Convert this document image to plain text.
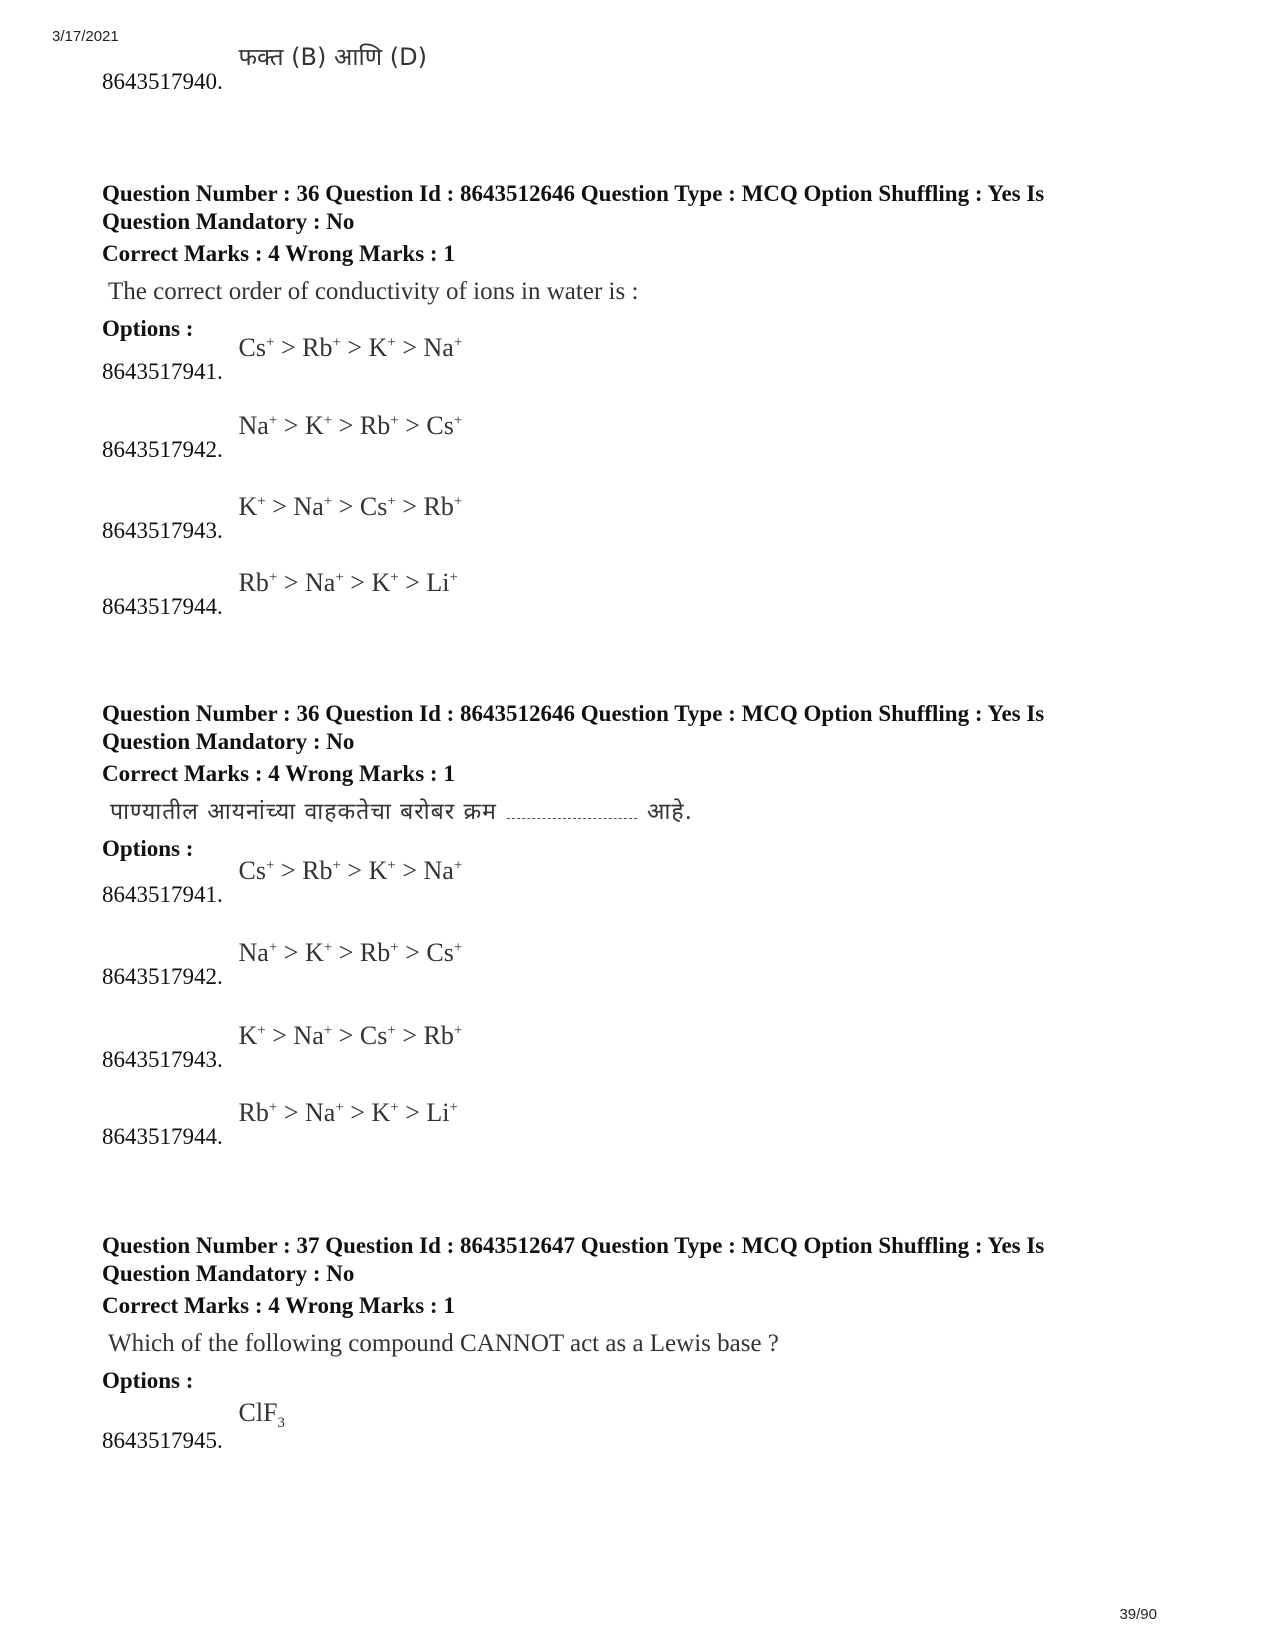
3/17/2021
8643517940. फक्त (B) आणि (D)
Question Number : 36 Question Id : 8643512646 Question Type : MCQ Option Shuffling : Yes Is
Question Mandatory : No
Correct Marks : 4 Wrong Marks : 1
The correct order of conductivity of ions in water is :
Options :
8643517941. Cs+ > Rb+ > K+ > Na+
8643517942. Na+ > K+ > Rb+ > Cs+
8643517943. K+ > Na+ > Cs+ > Rb+
8643517944. Rb+ > Na+ > K+ > Li+
Question Number : 36 Question Id : 8643512646 Question Type : MCQ Option Shuffling : Yes Is
Question Mandatory : No
Correct Marks : 4 Wrong Marks : 1
पाण्यातील आयनांच्या वाहकतेचा बरोबर क्रम	आहे.
Options :
8643517941. Cs+ > Rb+ > K+ > Na+
8643517942. Na+ > K+ > Rb+ > Cs+
8643517943. K+ > Na+ > Cs+ > Rb+
8643517944. Rb+ > Na+ > K+ > Li+
Question Number : 37 Question Id : 8643512647 Question Type : MCQ Option Shuffling : Yes Is
Question Mandatory : No
Correct Marks : 4 Wrong Marks : 1
Which of the following compound CANNOT act as a Lewis base ?
Options :
8643517945. ClF$_3$
39/90
